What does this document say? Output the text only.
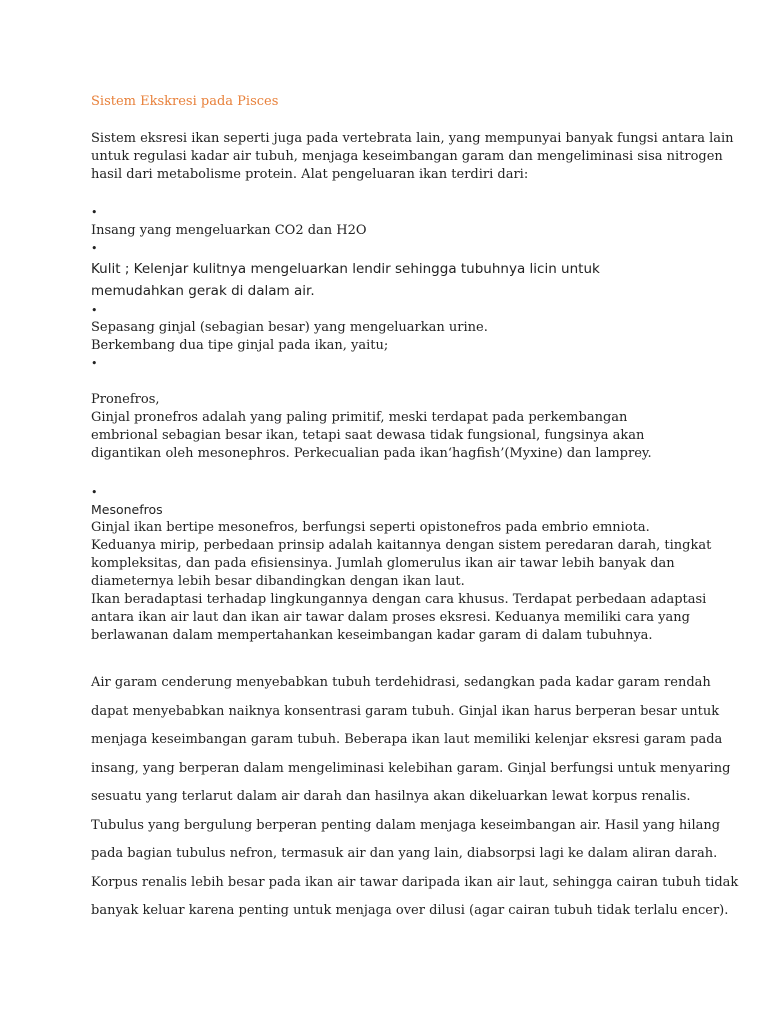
Sistem Ekskresi pada Pisces
Sistem eksresi ikan seperti juga pada vertebrata lain, yang mempunyai banyak fungsi antara lain
untuk regulasi kadar air tubuh, menjaga keseimbangan garam dan mengeliminasi sisa nitrogen
hasil dari metabolisme protein. Alat pengeluaran ikan terdiri dari:
•
Insang yang mengeluarkan CO2 dan H2O
•
Kulit ; Kelenjar kulitnya mengeluarkan lendir sehingga tubuhnya licin untuk
memudahkan gerak di dalam air.
•
Sepasang ginjal (sebagian besar) yang mengeluarkan urine.
Berkembang dua tipe ginjal pada ikan, yaitu;
•
Pronefros,
Ginjal pronefros adalah yang paling primitif, meski terdapat pada perkembangan
embrional sebagian besar ikan, tetapi saat dewasa tidak fungsional, fungsinya akan
digantikan oleh mesonephros. Perkecualian pada ikan‘hagfish’(Myxine) dan lamprey.
•
Mesonefros
Ginjal ikan bertipe mesonefros, berfungsi seperti opistonefros pada embrio emniota.
Keduanya mirip, perbedaan prinsip adalah kaitannya dengan sistem peredaran darah, tingkat
kompleksitas, dan pada efisiensinya. Jumlah glomerulus ikan air tawar lebih banyak dan
diameternya lebih besar dibandingkan dengan ikan laut.
Ikan beradaptasi terhadap lingkungannya dengan cara khusus. Terdapat perbedaan adaptasi
antara ikan air laut dan ikan air tawar dalam proses eksresi. Keduanya memiliki cara yang
berlawanan dalam mempertahankan keseimbangan kadar garam di dalam tubuhnya.
Air garam cenderung menyebabkan tubuh terdehidrasi, sedangkan pada kadar garam rendah
dapat menyebabkan naiknya konsentrasi garam tubuh. Ginjal ikan harus berperan besar untuk
menjaga keseimbangan garam tubuh. Beberapa ikan laut memiliki kelenjar eksresi garam pada
insang, yang berperan dalam mengeliminasi kelebihan garam. Ginjal berfungsi untuk menyaring
sesuatu yang terlarut dalam air darah dan hasilnya akan dikeluarkan lewat korpus renalis.
Tubulus yang bergulung berperan penting dalam menjaga keseimbangan air. Hasil yang hilang
pada bagian tubulus nefron, termasuk air dan yang lain, diabsorpsi lagi ke dalam aliran darah.
Korpus renalis lebih besar pada ikan air tawar daripada ikan air laut, sehingga cairan tubuh tidak
banyak keluar karena penting untuk menjaga over dilusi (agar cairan tubuh tidak terlalu encer).
